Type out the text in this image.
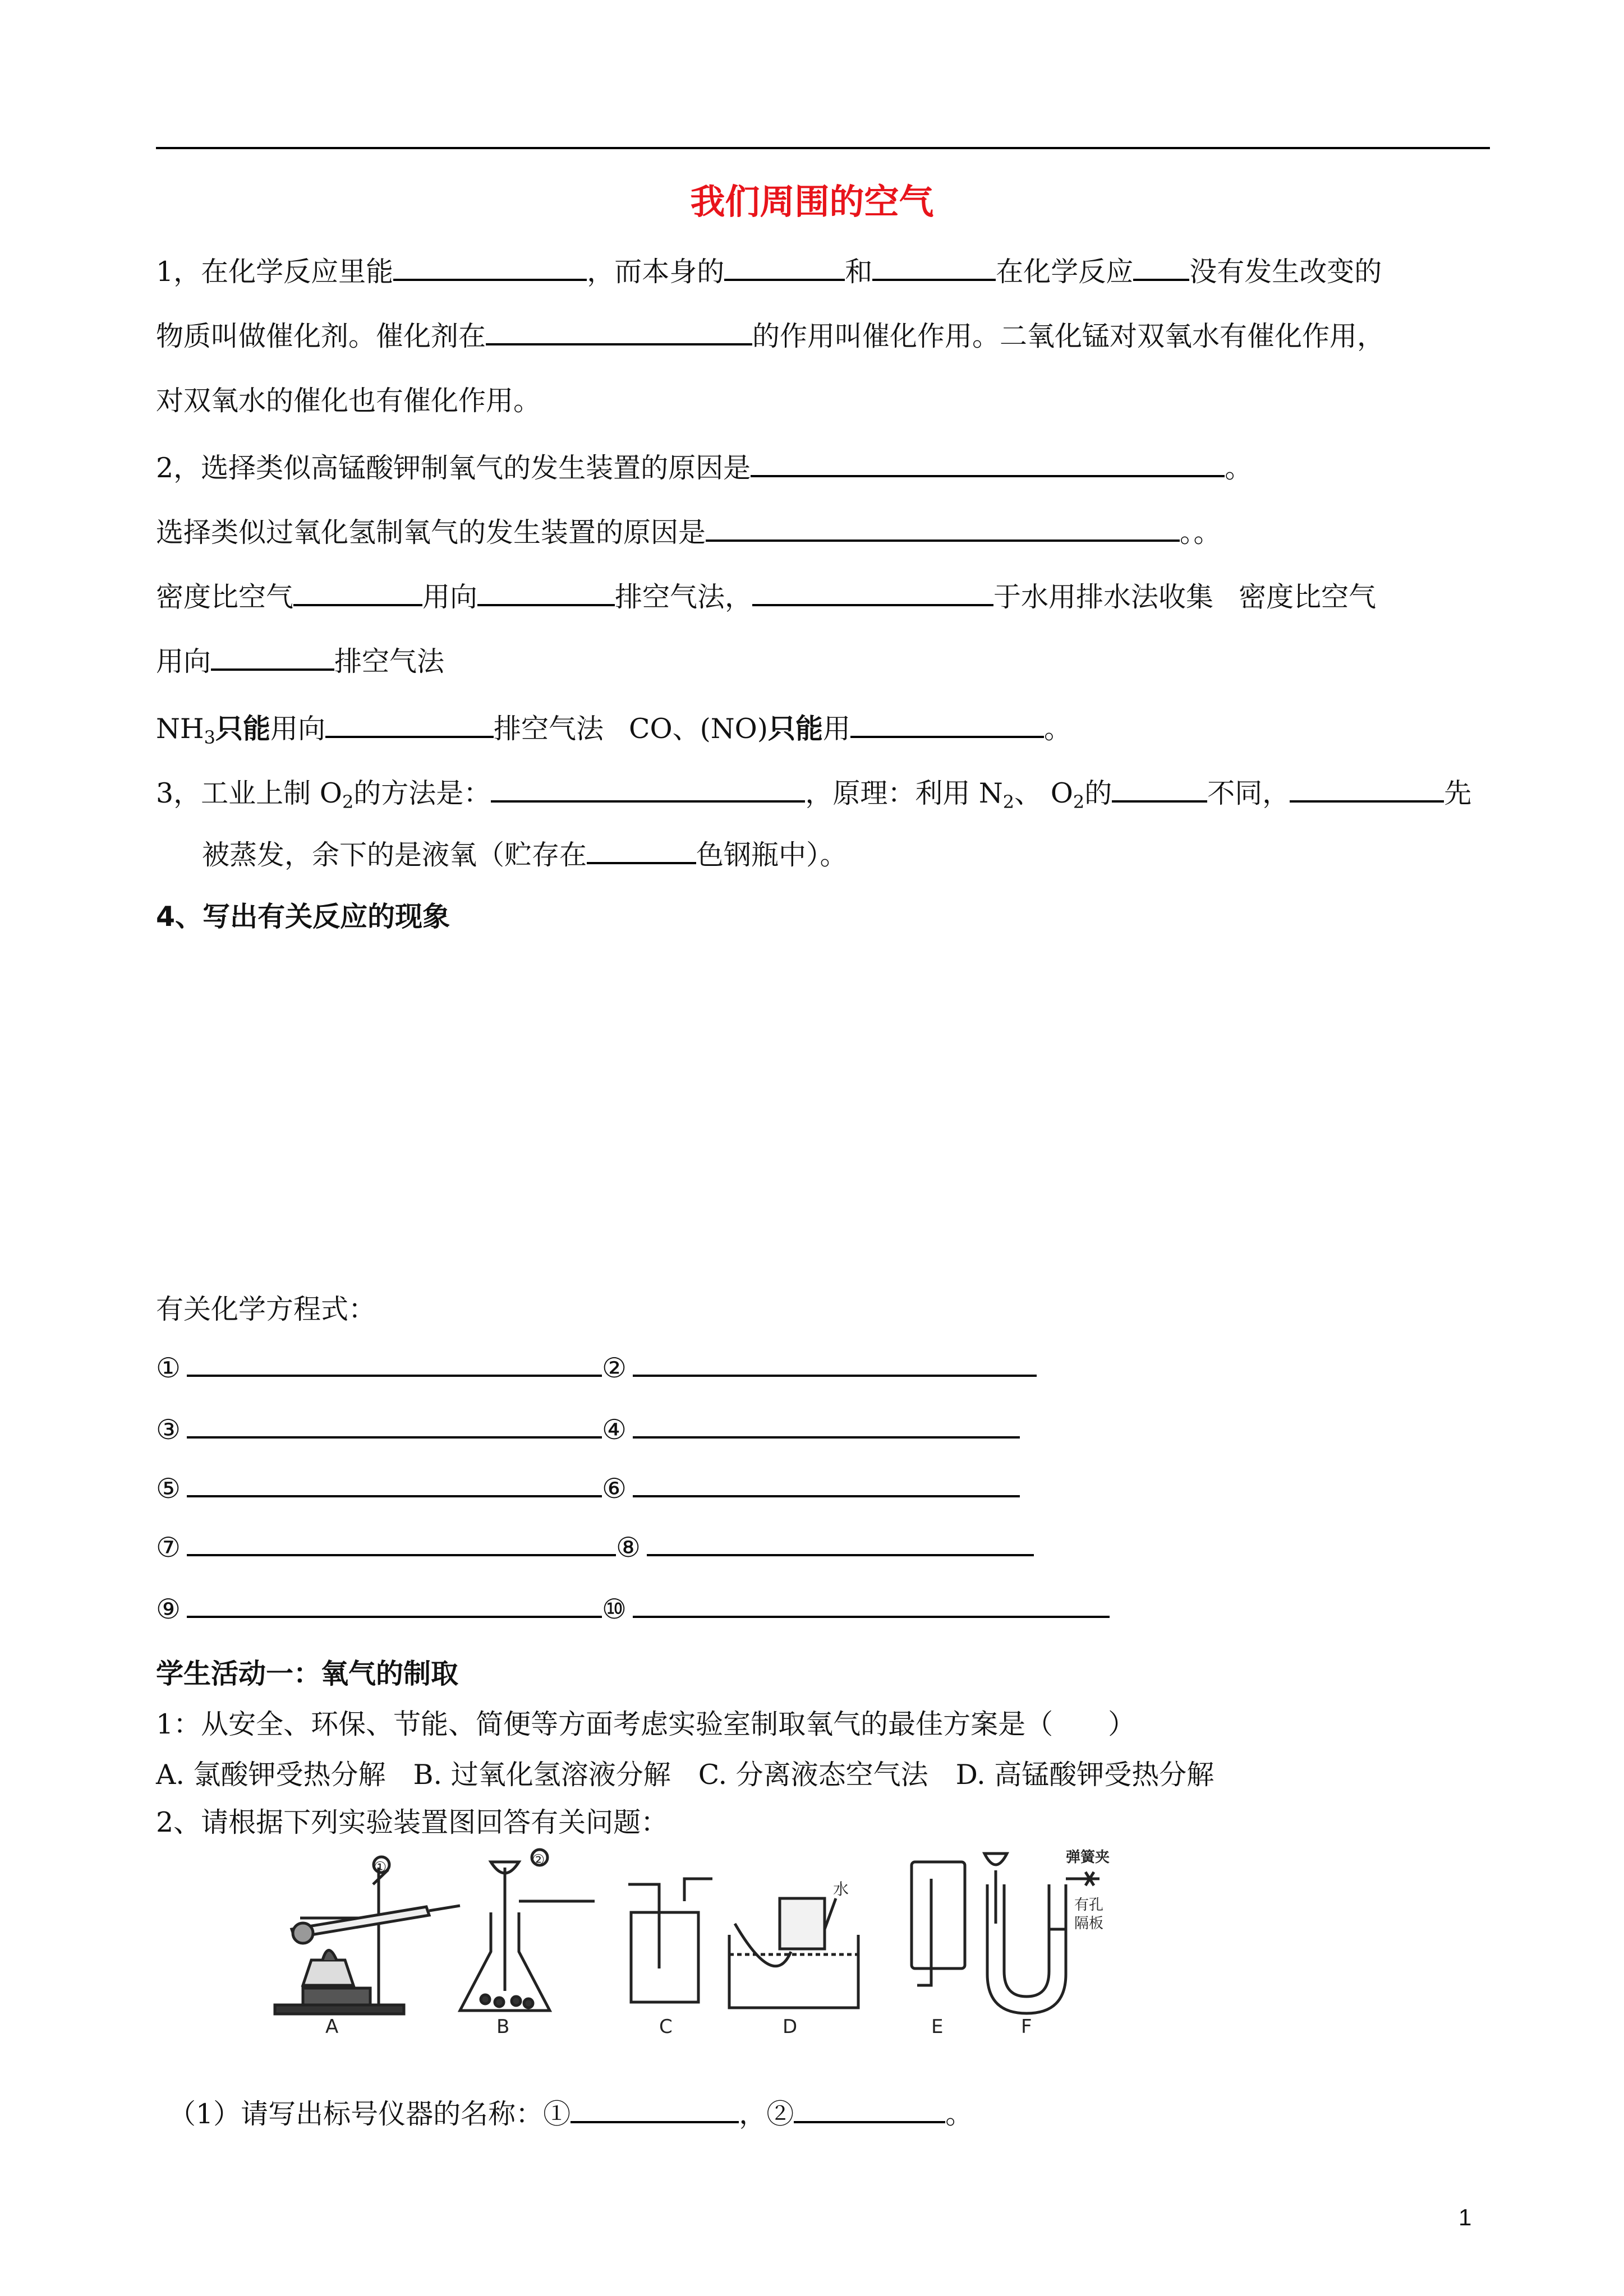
我们周围的空气
1，在化学反应里能	，而本身的	和	在化学反应 没有发生改变的
物质叫做催化剂。催化剂在	的作用叫催化作用。二氧化锰对双氧水有催化作用，
对双氧水的催化也有催化作用。
2，选择类似高锰酸钾制氧气的发生装置的原因是	。
选择类似过氧化氢制氧气的发生装置的原因是	。。
密度比空气	用向	排空气法，	于水用排水法收集 密度比空气
用向	排空气法
$NH_3$只能用向	排空气法 CO、(NO)只能用	。
3，工业上制 $O_2$的方法是：	，原理：利用 $N_2$、 $O_2$的	不同，	先
被蒸发，余下的是液氧（贮存在	色钢瓶中）。
4、写出有关反应的现象
有关化学方程式：
①	②
③	④
⑤	⑥
⑦	⑧
⑨	⑩
学生活动一：氧气的制取
1：从安全、环保、节能、简便等方面考虑实验室制取氧气的最佳方案是（　　）
A. 氯酸钾受热分解　B. 过氧化氢溶液分解　C. 分离液态空气法　D. 高锰酸钾受热分解
2、请根据下列实验装置图回答有关问题：
A	B	C	D	E	F
①	②
水
弹簧夹
有孔
隔板
（1）请写出标号仪器的名称：①	，②	。
1
